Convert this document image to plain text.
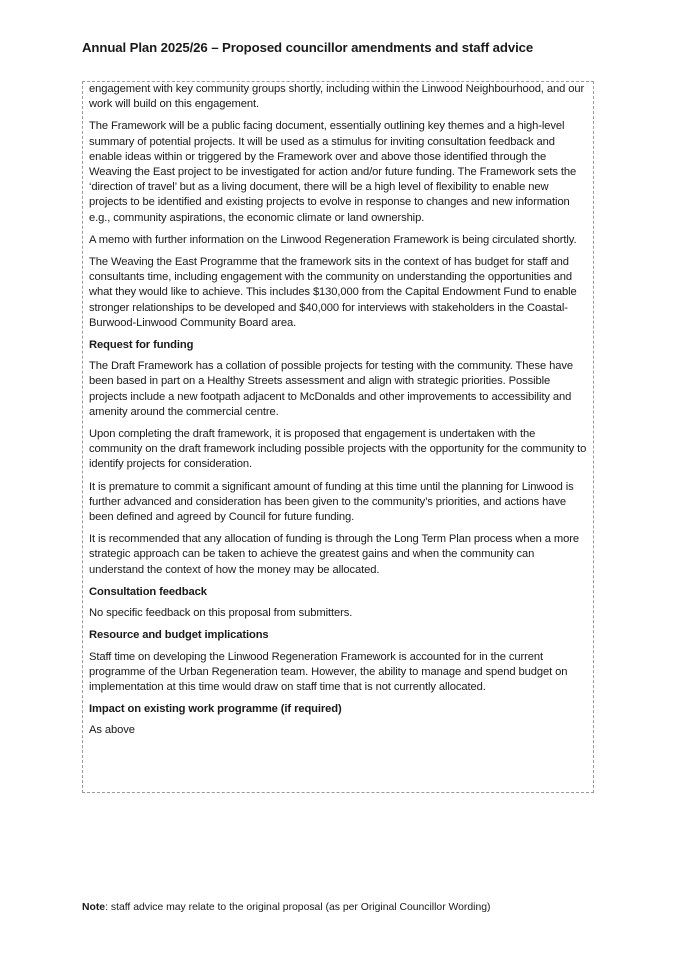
Annual Plan 2025/26 – Proposed councillor amendments and staff advice

engagement with key community groups shortly, including within the Linwood Neighbourhood, and our work will build on this engagement.

The Framework will be a public facing document, essentially outlining key themes and a high-level summary of potential projects. It will be used as a stimulus for inviting consultation feedback and enable ideas within or triggered by the Framework over and above those identified through the Weaving the East project to be investigated for action and/or future funding. The Framework sets the ‘direction of travel’ but as a living document, there will be a high level of flexibility to enable new projects to be identified and existing projects to evolve in response to changes and new information e.g., community aspirations, the economic climate or land ownership.

A memo with further information on the Linwood Regeneration Framework is being circulated shortly.

The Weaving the East Programme that the framework sits in the context of has budget for staff and consultants time, including engagement with the community on understanding the opportunities and what they would like to achieve. This includes $130,000 from the Capital Endowment Fund to enable stronger relationships to be developed and $40,000 for interviews with stakeholders in the Coastal-Burwood-Linwood Community Board area.

Request for funding

The Draft Framework has a collation of possible projects for testing with the community. These have been based in part on a Healthy Streets assessment and align with strategic priorities. Possible projects include a new footpath adjacent to McDonalds and other improvements to accessibility and amenity around the commercial centre.

Upon completing the draft framework, it is proposed that engagement is undertaken with the community on the draft framework including possible projects with the opportunity for the community to identify projects for consideration.

It is premature to commit a significant amount of funding at this time until the planning for Linwood is further advanced and consideration has been given to the community’s priorities, and actions have been defined and agreed by Council for future funding.

It is recommended that any allocation of funding is through the Long Term Plan process when a more strategic approach can be taken to achieve the greatest gains and when the community can understand the context of how the money may be allocated.

Consultation feedback

No specific feedback on this proposal from submitters.

Resource and budget implications

Staff time on developing the Linwood Regeneration Framework is accounted for in the current programme of the Urban Regeneration team. However, the ability to manage and spend budget on implementation at this time would draw on staff time that is not currently allocated.

Impact on existing work programme (if required)

As above

Note: staff advice may relate to the original proposal (as per Original Councillor Wording)
